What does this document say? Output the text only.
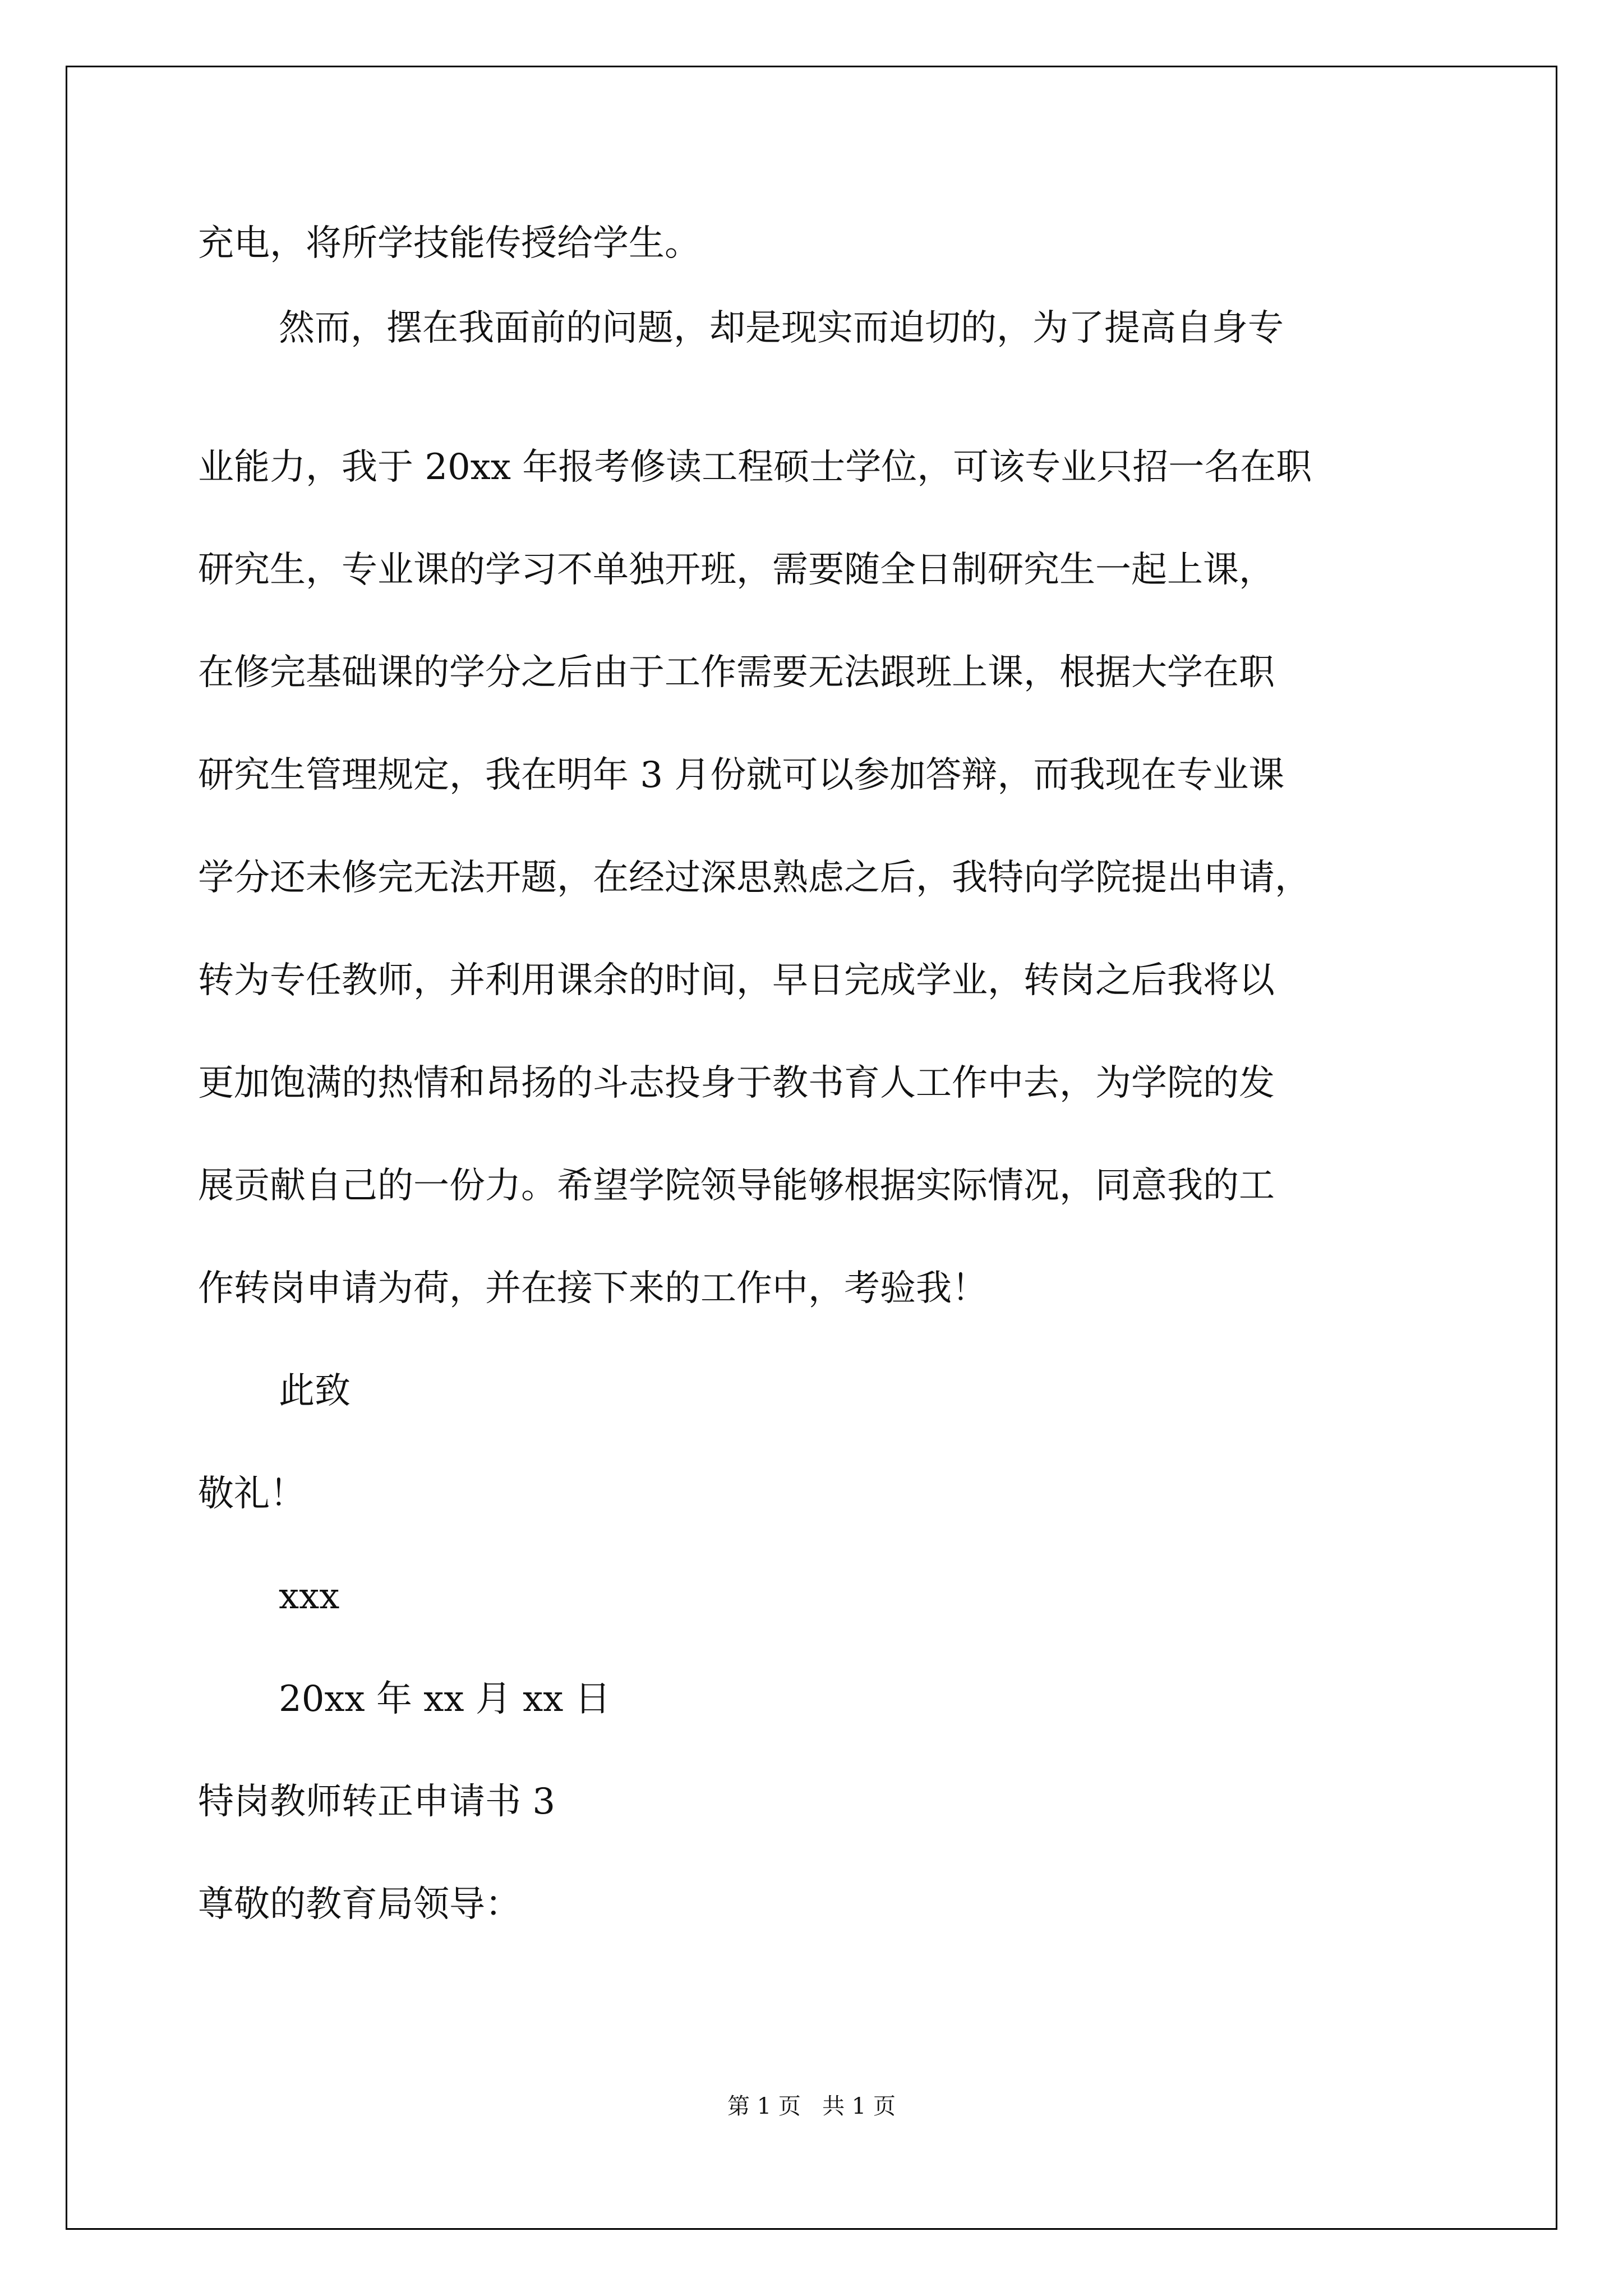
充电，将所学技能传授给学生。

然而，摆在我面前的问题，却是现实而迫切的，为了提高自身专

业能力，我于 20xx 年报考修读工程硕士学位，可该专业只招一名在职

研究生，专业课的学习不单独开班，需要随全日制研究生一起上课，

在修完基础课的学分之后由于工作需要无法跟班上课，根据大学在职

研究生管理规定，我在明年 3 月份就可以参加答辩，而我现在专业课

学分还未修完无法开题，在经过深思熟虑之后，我特向学院提出申请，

转为专任教师，并利用课余的时间，早日完成学业，转岗之后我将以

更加饱满的热情和昂扬的斗志投身于教书育人工作中去，为学院的发

展贡献自己的一份力。希望学院领导能够根据实际情况，同意我的工

作转岗申请为荷，并在接下来的工作中，考验我！

此致

敬礼！

xxx

20xx 年 xx 月 xx 日

特岗教师转正申请书 3

尊敬的教育局领导：

第 1 页   共 1 页
